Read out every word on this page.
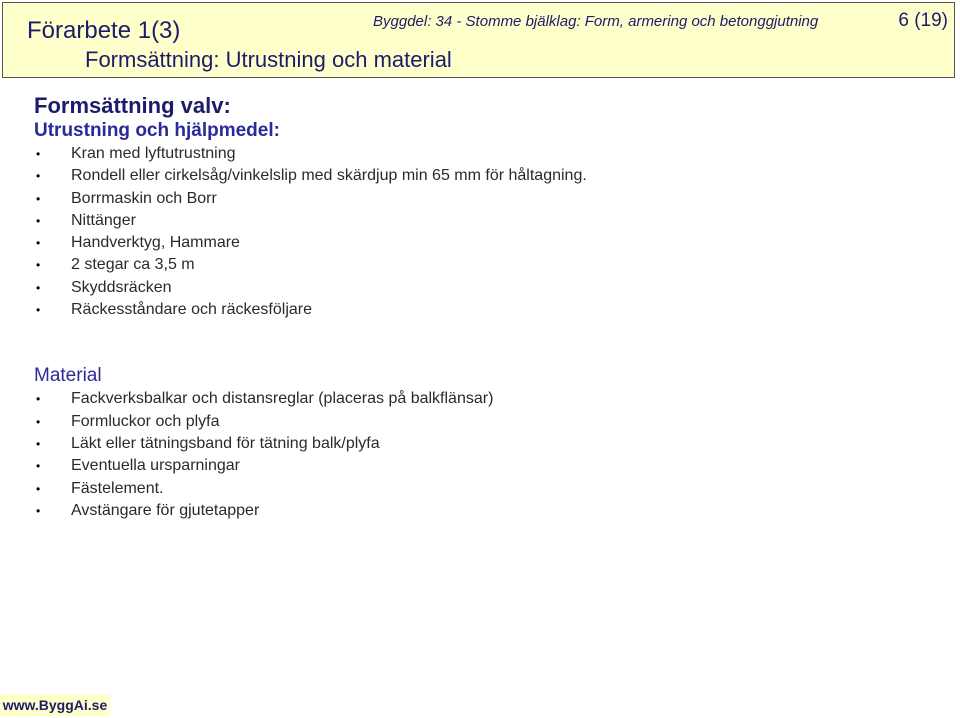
Förarbete 1(3)
Formsättning: Utrustning och material
Byggdel: 34 - Stomme bjälklag: Form, armering och betonggjutning	6 (19)
Formsättning valv:
Utrustning och hjälpmedel:
• Kran med lyftutrustning
• Rondell eller cirkelsåg/vinkelslip med skärdjup min 65 mm för håltagning.
• Borrmaskin och Borr
• Nittänger
• Handverktyg, Hammare
• 2 stegar ca 3,5 m
• Skyddsräcken
• Räckesståndare och räckesföljare
Material
• Fackverksbalkar och distansreglar (placeras på balkflänsar)
• Formluckor och plyfa
• Läkt eller tätningsband för tätning balk/plyfa
• Eventuella ursparningar
• Fästelement.
• Avstängare för gjutetapper
www.ByggAi.se
